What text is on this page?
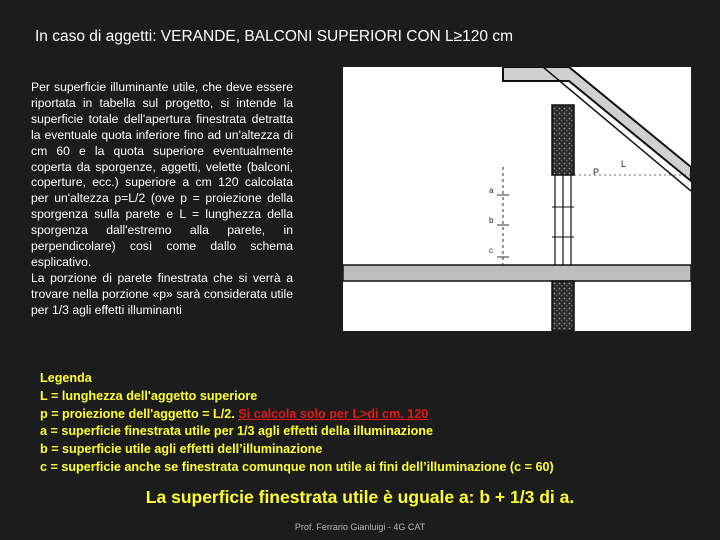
In caso di aggetti: VERANDE, BALCONI SUPERIORI CON L≥120 cm

Per superficie illuminante utile, che deve essere riportata in tabella sul progetto, si intende la superficie totale dell'apertura finestrata detratta la eventuale quota inferiore fino ad un'altezza di cm 60 e la quota superiore eventualmente coperta da sporgenze, aggetti, velette (balconi, coperture, ecc.) superiore a cm 120 calcolata per un'altezza p=L/2 (ove p = proiezione della sporgenza sulla parete e L = lunghezza della sporgenza dall'estremo alla parete, in perpendicolare) così come dallo schema esplicativo.

La porzione di parete finestrata che si verrà a trovare nella porzione «p» sarà considerata utile per 1/3 agli effetti illuminanti

L
P
a
b
c
Legenda
L = lunghezza dell'aggetto superiore
p = proiezione dell'aggetto = L/2. Si calcola solo per L>di cm. 120
a = superficie finestrata utile per 1/3 agli effetti della illuminazione
b = superficie utile agli effetti dell’illuminazione
c = superficie anche se finestrata comunque non utile ai fini dell’illuminazione (c = 60)
La superficie finestrata utile è uguale a: b + 1/3 di a.
Prof. Ferrario Gianluigi - 4G CAT
